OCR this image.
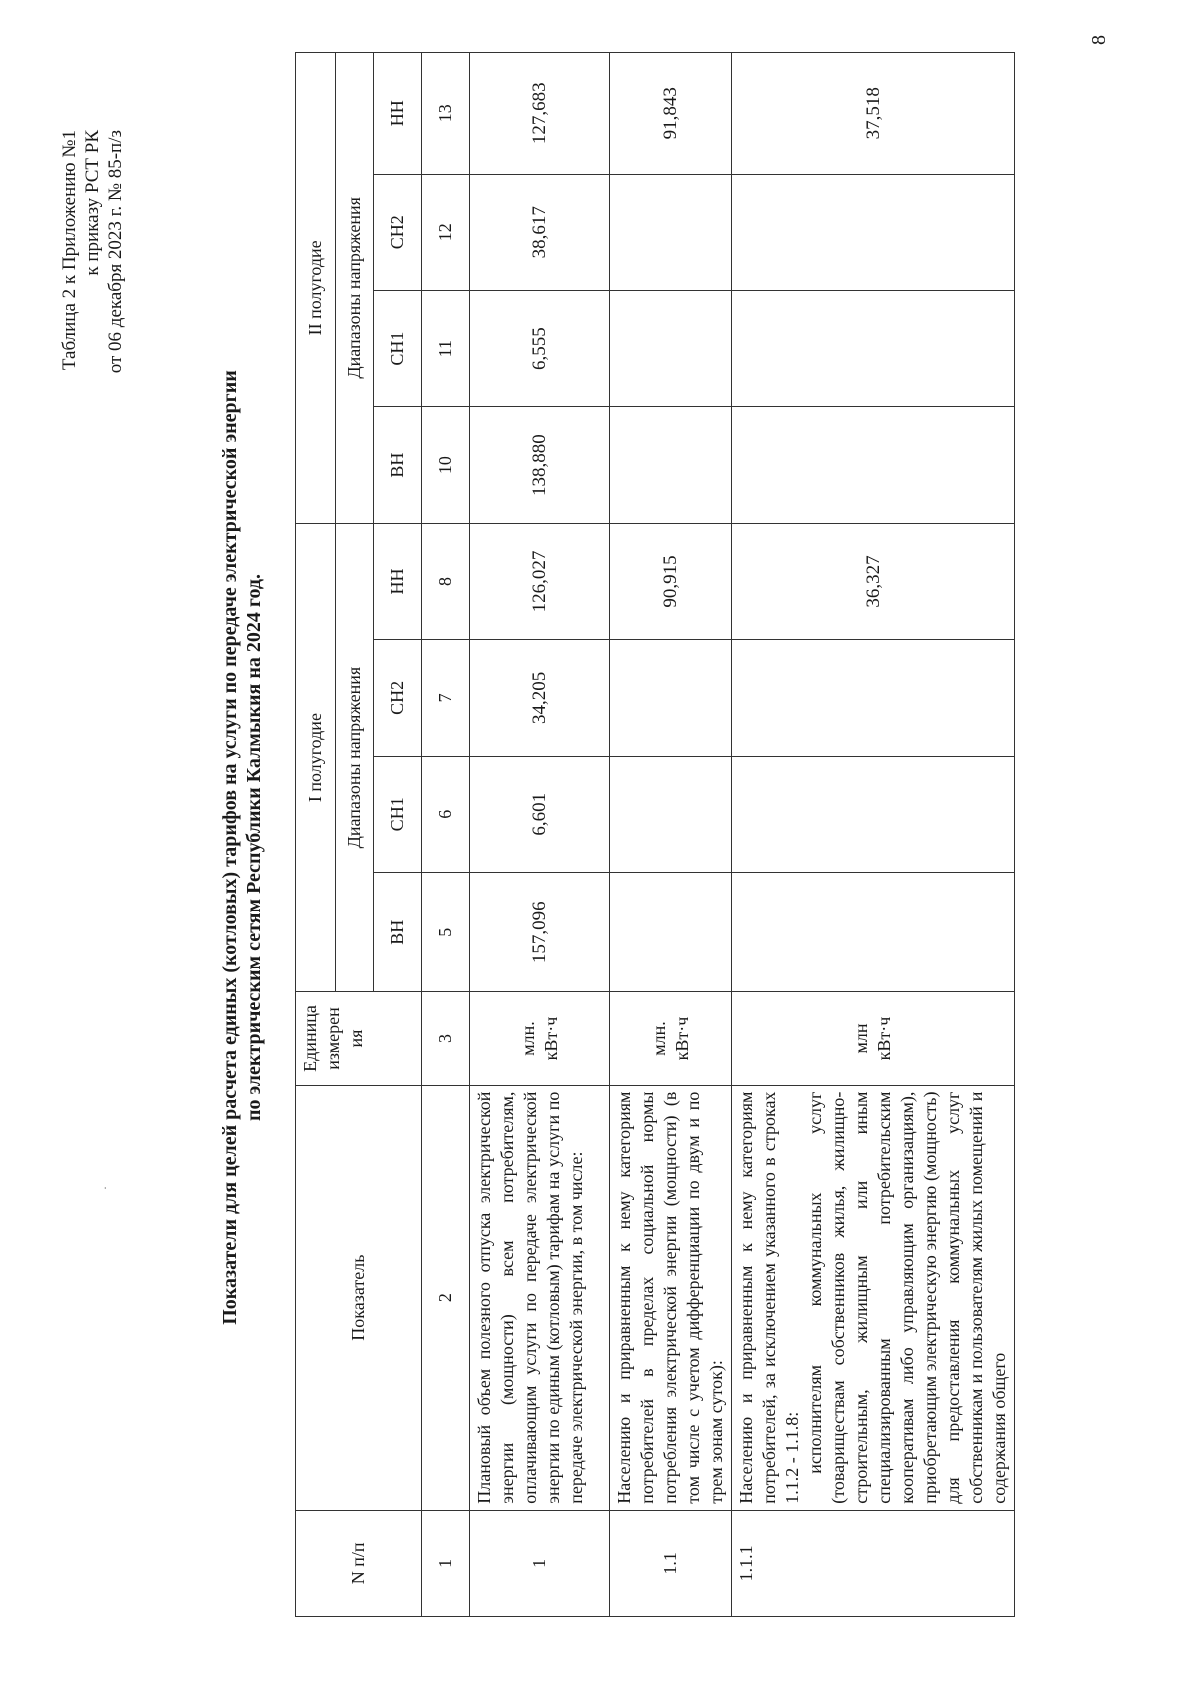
Таблица 2 к Приложению №1 к приказу РСТ РК от 06 декабря 2023 г. № 85-п/з
·	Показатели для целей расчета единых (котловых) тарифов на услуги по передаче электрической энергии по электрическим сетям Республики Калмыкия на 2024 год.
N п/п	Показатель	Единица измерен ия	I полугодие				II полугодие			
			Диапазоны напряжения				Диапазоны напряжения			
			ВН	СН1	СН2	НН	ВН	СН1	СН2	НН
1	2	3	5	6	7	8	10	11	12	13
1	Плановый объем полезного отпуска электрической энергии (мощности) всем потребителям, оплачивающим услуги по передаче электрической энергии по единым (котловым) тарифам на услуги по передаче электрической энергии, в том числе:	млн. кВт·ч	157,096	6,601	34,205	126,027	138,880	6,555	38,617	127,683
1.1	Населению и приравненным к нему категориям потребителей в пределах социальной нормы потребления электрической энергии (мощности) (в том числе с учетом дифференциации по двум и по трем зонам суток):	млн. кВт·ч				90,915				91,843
1.1.1	Населению и приравненным к нему категориям потребителей, за исключением указанного в строках 1.1.2 - 1.1.8: исполнителям коммунальных услуг (товариществам собственников жилья, жилищно-строительным, жилищным или иным специализированным потребительским кооперативам либо управляющим организациям), приобретающим электрическую энергию (мощность) для предоставления коммунальных услуг собственникам и пользователям жилых помещений и содержания общего	млн кВт·ч				36,327				37,518
8
